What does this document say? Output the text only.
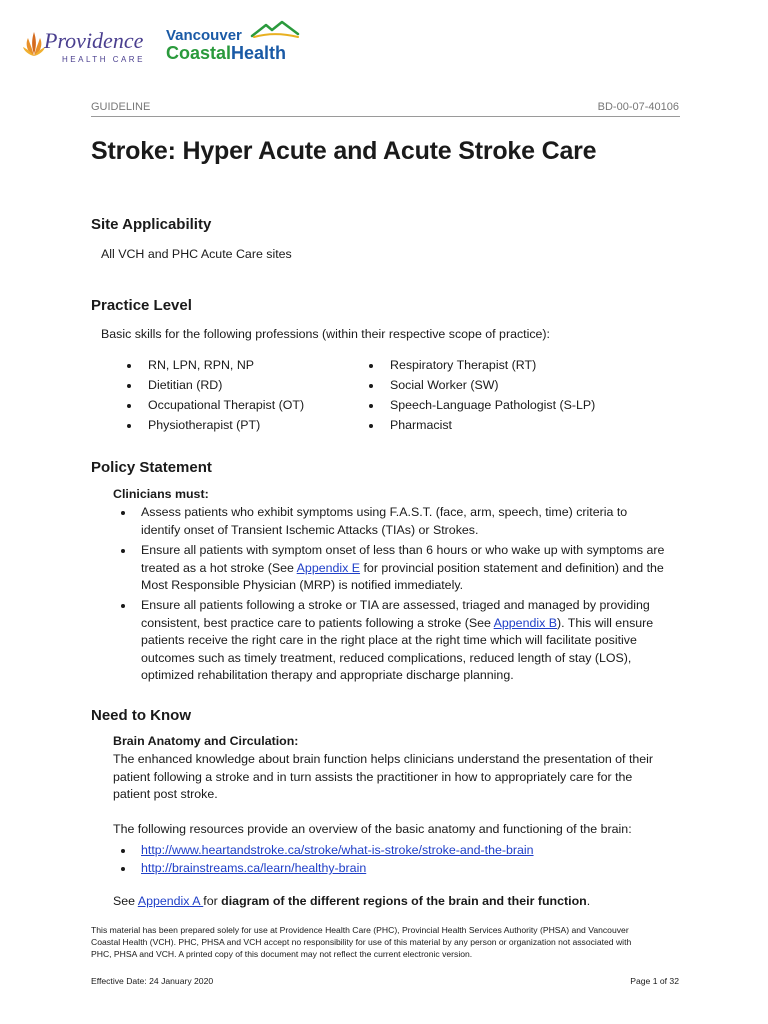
Providence
HEALTH CARE
Vancouver
CoastalHealth
GUIDELINE	BD-00-07-40106
Stroke: Hyper Acute and Acute Stroke Care
Site Applicability
All VCH and PHC Acute Care sites
Practice Level
Basic skills for the following professions (within their respective scope of practice):
RN, LPN, RPN, NP
Dietitian (RD)
Occupational Therapist (OT)
Physiotherapist (PT)
Respiratory Therapist (RT)
Social Worker (SW)
Speech-Language Pathologist (S-LP)
Pharmacist
Policy Statement
Clinicians must:
Assess patients who exhibit symptoms using F.A.S.T. (face, arm, speech, time) criteria to
identify onset of Transient Ischemic Attacks (TIAs) or Strokes.
Ensure all patients with symptom onset of less than 6 hours or who wake up with symptoms are
treated as a hot stroke (See Appendix E for provincial position statement and definition) and the
Most Responsible Physician (MRP) is notified immediately.
Ensure all patients following a stroke or TIA are assessed, triaged and managed by providing
consistent, best practice care to patients following a stroke (See Appendix B). This will ensure
patients receive the right care in the right place at the right time which will facilitate positive
outcomes such as timely treatment, reduced complications, reduced length of stay (LOS),
optimized rehabilitation therapy and appropriate discharge planning.
Need to Know
Brain Anatomy and Circulation:
The enhanced knowledge about brain function helps clinicians understand the presentation of their
patient following a stroke and in turn assists the practitioner in how to appropriately care for the
patient post stroke.
The following resources provide an overview of the basic anatomy and functioning of the brain:
http://www.heartandstroke.ca/stroke/what-is-stroke/stroke-and-the-brain
http://brainstreams.ca/learn/healthy-brain
See Appendix A for diagram of the different regions of the brain and their function.
This material has been prepared solely for use at Providence Health Care (PHC), Provincial Health Services Authority (PHSA) and Vancouver
Coastal Health (VCH). PHC, PHSA and VCH accept no responsibility for use of this material by any person or organization not associated with
PHC, PHSA and VCH. A printed copy of this document may not reflect the current electronic version.
Effective Date: 24 January 2020	Page 1 of 32
